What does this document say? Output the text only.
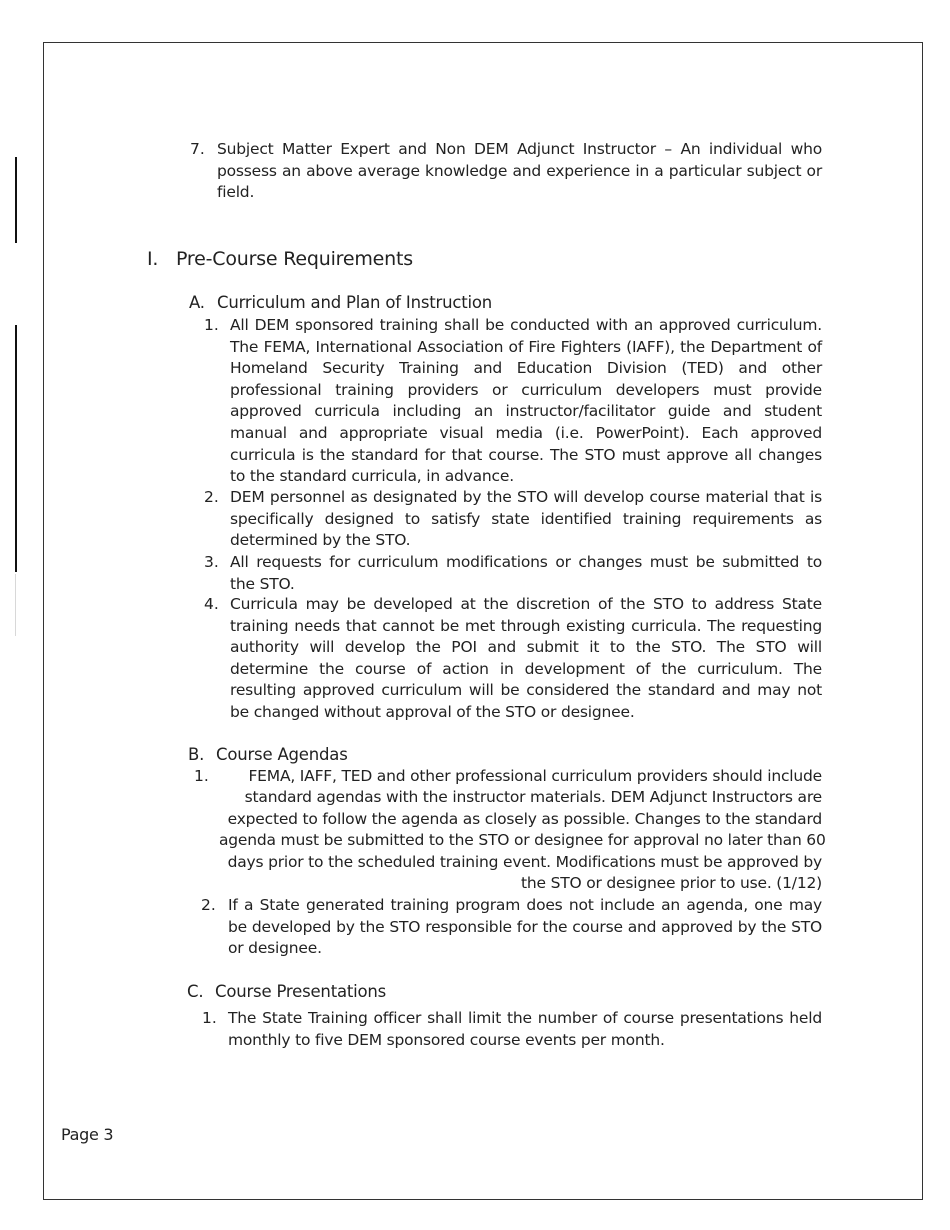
7. Subject Matter Expert and Non DEM Adjunct Instructor – An individual who possess an above average knowledge and experience in a particular subject or field.

I. Pre-Course Requirements
A. Curriculum and Plan of Instruction
1. All DEM sponsored training shall be conducted with an approved curriculum. The FEMA, International Association of Fire Fighters (IAFF), the Department of Homeland Security Training and Education Division (TED) and other professional training providers or curriculum developers must provide approved curricula including an instructor/facilitator guide and student manual and appropriate visual media (i.e. PowerPoint). Each approved curricula is the standard for that course. The STO must approve all changes to the standard curricula, in advance.

2. DEM personnel as designated by the STO will develop course material that is specifically designed to satisfy state identified training requirements as determined by the STO.

3. All requests for curriculum modifications or changes must be submitted to the STO.

4. Curricula may be developed at the discretion of the STO to address State training needs that cannot be met through existing curricula. The requesting authority will develop the POI and submit it to the STO. The STO will determine the course of action in development of the curriculum. The resulting approved curriculum will be considered the standard and may not be changed without approval of the STO or designee.

B. Course Agendas
1.	FEMA, IAFF, TED and other professional curriculum providers should include
standard agendas with the instructor materials. DEM Adjunct Instructors are
expected to follow the agenda as closely as possible. Changes to the standard
agenda must be submitted to the STO or designee for approval no later than 60
days prior to the scheduled training event. Modifications must be approved by
the STO or designee prior to use. (1/12)
2. If a State generated training program does not include an agenda, one may be developed by the STO responsible for the course and approved by the STO or designee.

C. Course Presentations
1. The State Training officer shall limit the number of course presentations held monthly to five DEM sponsored course events per month.

Page 3
